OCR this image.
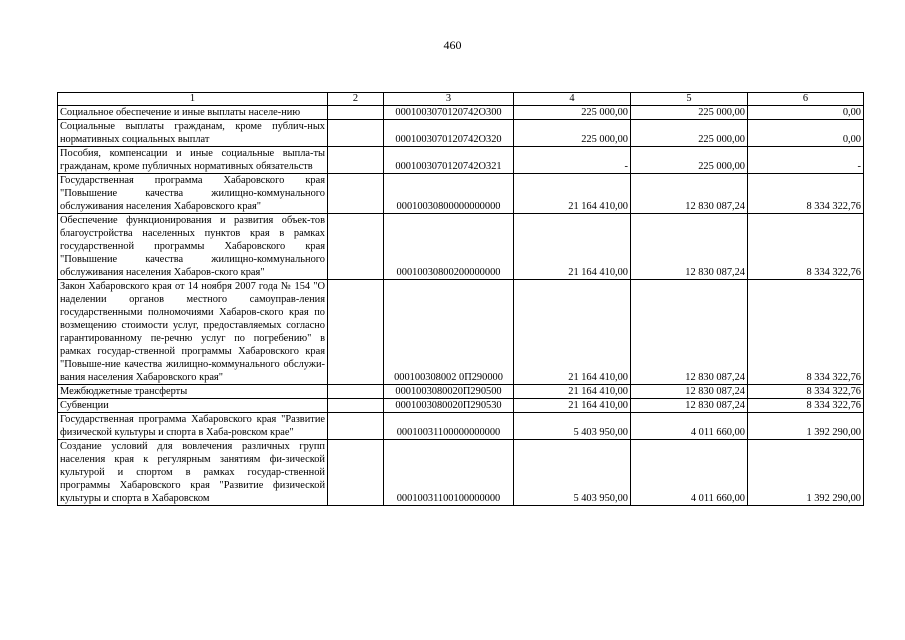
460
1	2	3	4	5	6
Социальное обеспечение и иные выплаты населе-нию		0001003070120742О300	225 000,00	225 000,00	0,00
Социальные выплаты гражданам, кроме публич-ных нормативных социальных выплат		0001003070120742О320	225 000,00	225 000,00	0,00
Пособия, компенсации и иные социальные выпла-ты гражданам, кроме публичных нормативных обязательств		0001003070120742О321	-	225 000,00	-
Государственная программа Хабаровского края "Повышение качества жилищно-коммунального обслуживания населения Хабаровского края"		00010030800000000000	21 164 410,00	12 830 087,24	8 334 322,76
Обеспечение функционирования и развития объек-тов благоустройства населенных пунктов края в рамках государственной программы Хабаровского края "Повышение качества жилищно-коммунального обслуживания населения Хабаров-ского края"		00010030800200000000	21 164 410,00	12 830 087,24	8 334 322,76
Закон Хабаровского края от 14 ноября 2007 года № 154 "О наделении органов местного самоуправ-ления государственными полномочиями Хабаров-ского края по возмещению стоимости услуг, предоставляемых согласно гарантированному пе-речню услуг по погребению" в рамках государ-ственной программы Хабаровского края "Повыше-ние качества жилищно-коммунального обслужи-вания населения Хабаровского края"		000100308002 0П290000	21 164 410,00	12 830 087,24	8 334 322,76
Межбюджетные трансферты		0001003080020П290500	21 164 410,00	12 830 087,24	8 334 322,76
Субвенции		0001003080020П290530	21 164 410,00	12 830 087,24	8 334 322,76
Государственная программа Хабаровского края "Развитие физической культуры и спорта в Хаба-ровском крае"		00010031100000000000	5 403 950,00	4 011 660,00	1 392 290,00
Создание условий для вовлечения различных групп населения края к регулярным занятиям фи-зической культурой и спортом в рамках государ-ственной программы Хабаровского края "Развитие физической культуры и спорта в Хабаровском		00010031100100000000	5 403 950,00	4 011 660,00	1 392 290,00
